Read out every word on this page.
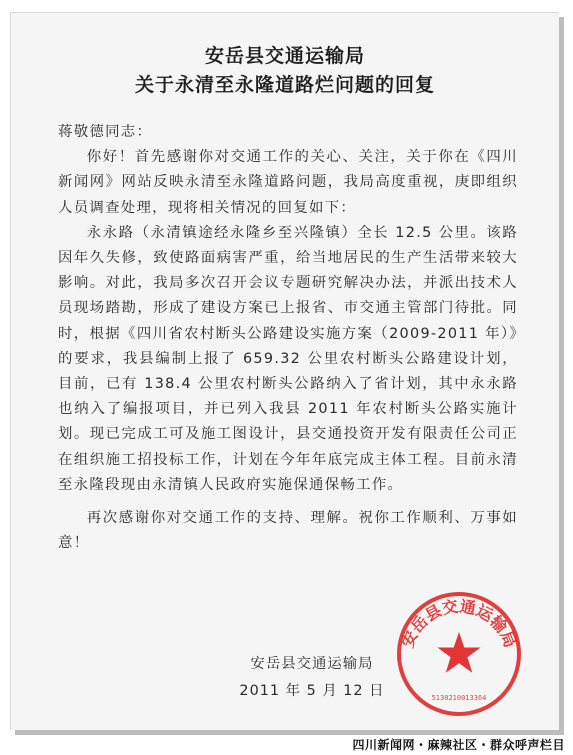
安岳县交通运输局
关于永清至永隆道路烂问题的回复

蒋敬德同志：

你好！首先感谢你对交通工作的关心、关注，关于你在《四川新闻网》网站反映永清至永隆道路问题，我局高度重视，庚即组织人员调查处理，现将相关情况的回复如下：

永永路（永清镇途经永隆乡至兴隆镇）全长 12.5 公里。该路因年久失修，致使路面病害严重，给当地居民的生产生活带来较大影响。对此，我局多次召开会议专题研究解决办法，并派出技术人员现场踏勘，形成了建设方案已上报省、市交通主管部门待批。同时，根据《四川省农村断头公路建设实施方案（2009-2011 年）》的要求，我县编制上报了 659.32 公里农村断头公路建设计划，目前，已有 138.4 公里农村断头公路纳入了省计划，其中永永路也纳入了编报项目，并已列入我县 2011 年农村断头公路实施计划。现已完成工可及施工图设计，县交通投资开发有限责任公司正在组织施工招投标工作，计划在今年年底完成主体工程。目前永清至永隆段现由永清镇人民政府实施保通保畅工作。

再次感谢你对交通工作的支持、理解。祝你工作顺利、万事如意！

安岳县交通运输局
2011 年 5 月 12 日
安岳县交通运输局
5130210013364
四川新闻网・麻辣社区・群众呼声栏目
